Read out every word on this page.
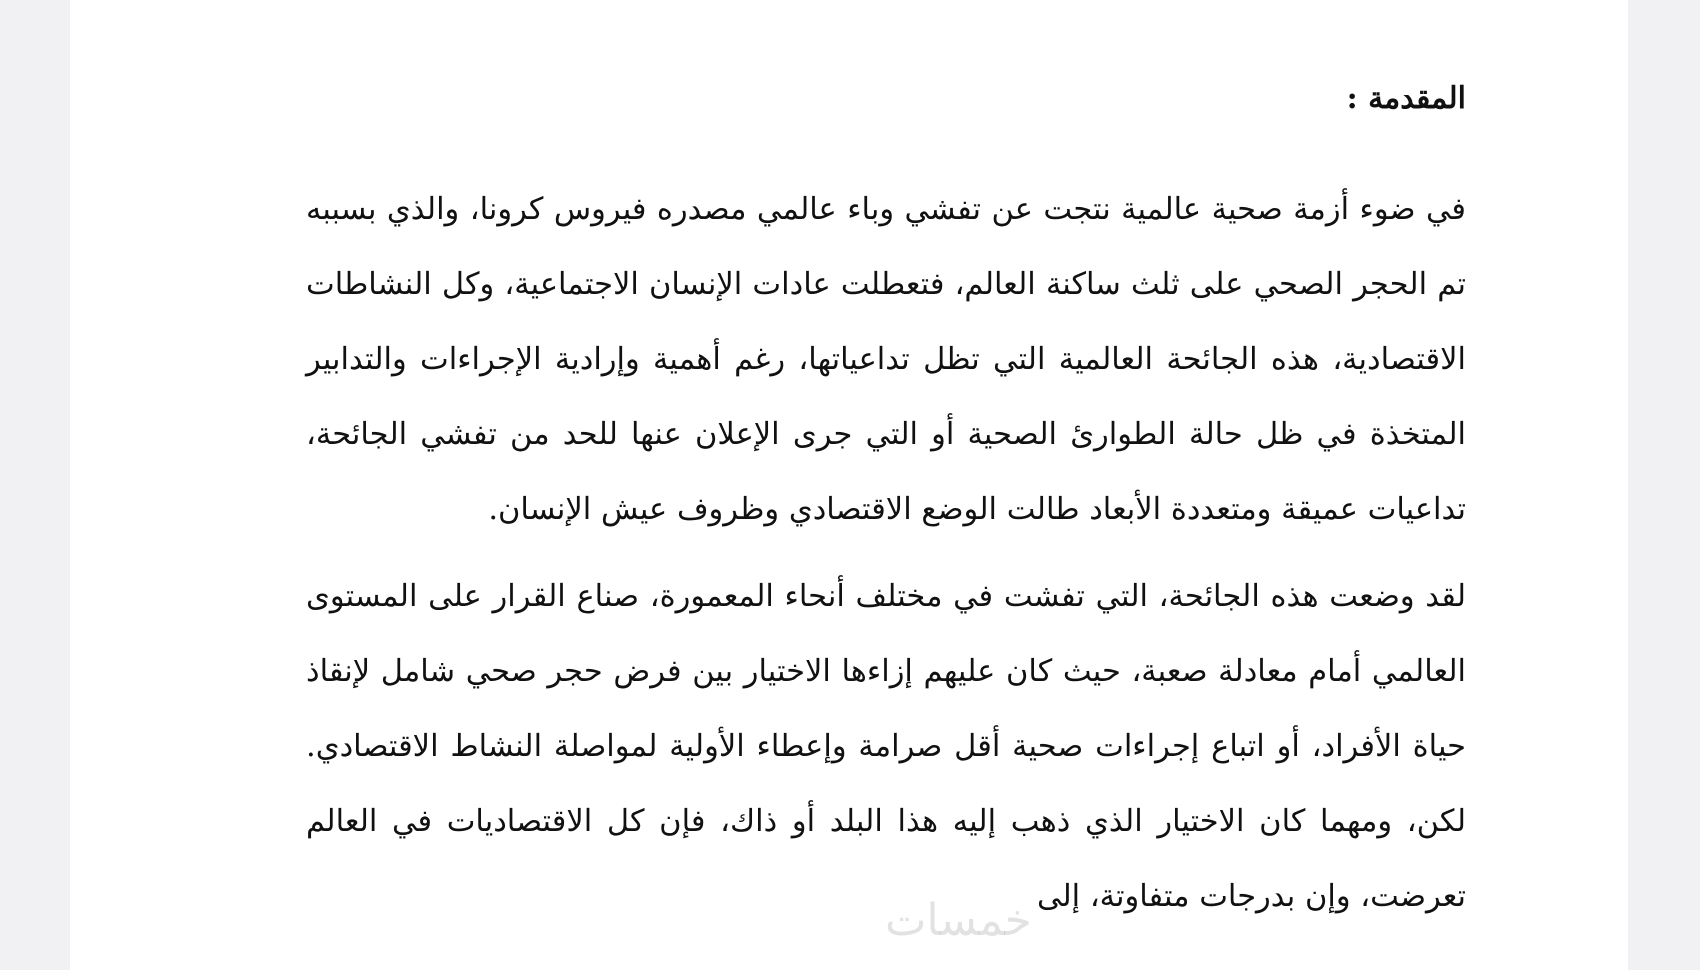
المقدمة :

في ضوء أزمة صحية عالمية نتجت عن تفشي وباء عالمي مصدره فيروس كرونا، والذي بسببه تم الحجر الصحي على ثلث ساكنة العالم، فتعطلت عادات الإنسان الاجتماعية، وكل النشاطات الاقتصادية، هذه الجائحة العالمية التي تظل تداعياتها، رغم أهمية وإرادية الإجراءات والتدابير المتخذة في ظل حالة الطوارئ الصحية أو التي جرى الإعلان عنها للحد من تفشي الجائحة، تداعيات عميقة ومتعددة الأبعاد طالت الوضع الاقتصادي وظروف عيش الإنسان.

لقد وضعت هذه الجائحة، التي تفشت في مختلف أنحاء المعمورة، صناع القرار على المستوى العالمي أمام معادلة صعبة، حيث كان عليهم إزاءها الاختيار بين فرض حجر صحي شامل لإنقاذ حياة الأفراد، أو اتباع إجراءات صحية أقل صرامة وإعطاء الأولية لمواصلة النشاط الاقتصادي. لكن، ومهما كان الاختيار الذي ذهب إليه هذا البلد أو ذاك، فإن كل الاقتصاديات في العالم تعرضت، وإن بدرجات متفاوتة، إلى

خمسات
